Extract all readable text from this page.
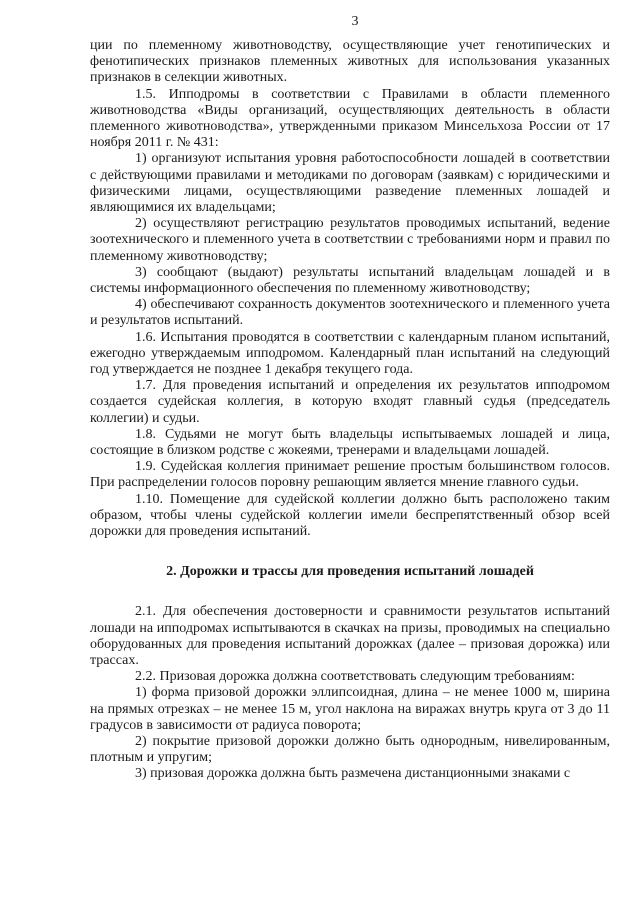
3

ции по племенному животноводству, осуществляющие учет генотипических и фенотипических признаков племенных животных для использования указанных признаков в селекции животных.

1.5. Ипподромы в соответствии с Правилами в области племенного животноводства «Виды организаций, осуществляющих деятельность в области племенного животноводства», утвержденными приказом Минсельхоза России от 17 ноября 2011 г. № 431:

1) организуют испытания уровня работоспособности лошадей в соответствии с действующими правилами и методиками по договорам (заявкам) с юридическими и физическими лицами, осуществляющими разведение племенных лошадей и являющимися их владельцами;

2) осуществляют регистрацию результатов проводимых испытаний, ведение зоотехнического и племенного учета в соответствии с требованиями норм и правил по племенному животноводству;

3) сообщают (выдают) результаты испытаний владельцам лошадей и в системы информационного обеспечения по племенному животноводству;

4) обеспечивают сохранность документов зоотехнического и племенного учета и результатов испытаний.

1.6. Испытания проводятся в соответствии с календарным планом испытаний, ежегодно утверждаемым ипподромом. Календарный план испытаний на следующий год утверждается не позднее 1 декабря текущего года.

1.7. Для проведения испытаний и определения их результатов ипподромом создается судейская коллегия, в которую входят главный судья (председатель коллегии) и судьи.

1.8. Судьями не могут быть владельцы испытываемых лошадей и лица, состоящие в близком родстве с жокеями, тренерами и владельцами лошадей.

1.9. Судейская коллегия принимает решение простым большинством голосов. При распределении голосов поровну решающим является мнение главного судьи.

1.10. Помещение для судейской коллегии должно быть расположено таким образом, чтобы члены судейской коллегии имели беспрепятственный обзор всей дорожки для проведения испытаний.

2. Дорожки и трассы для проведения испытаний лошадей

2.1. Для обеспечения достоверности и сравнимости результатов испытаний лошади на ипподромах испытываются в скачках на призы, проводимых на специально оборудованных для проведения испытаний дорожках (далее – призовая дорожка) или трассах.

2.2. Призовая дорожка должна соответствовать следующим требованиям:

1) форма призовой дорожки эллипсоидная, длина – не менее 1000 м, ширина на прямых отрезках – не менее 15 м, угол наклона на виражах внутрь круга от 3 до 11 градусов в зависимости от радиуса поворота;

2) покрытие призовой дорожки должно быть однородным, нивелированным, плотным и упругим;

3) призовая дорожка должна быть размечена дистанционными знаками с
